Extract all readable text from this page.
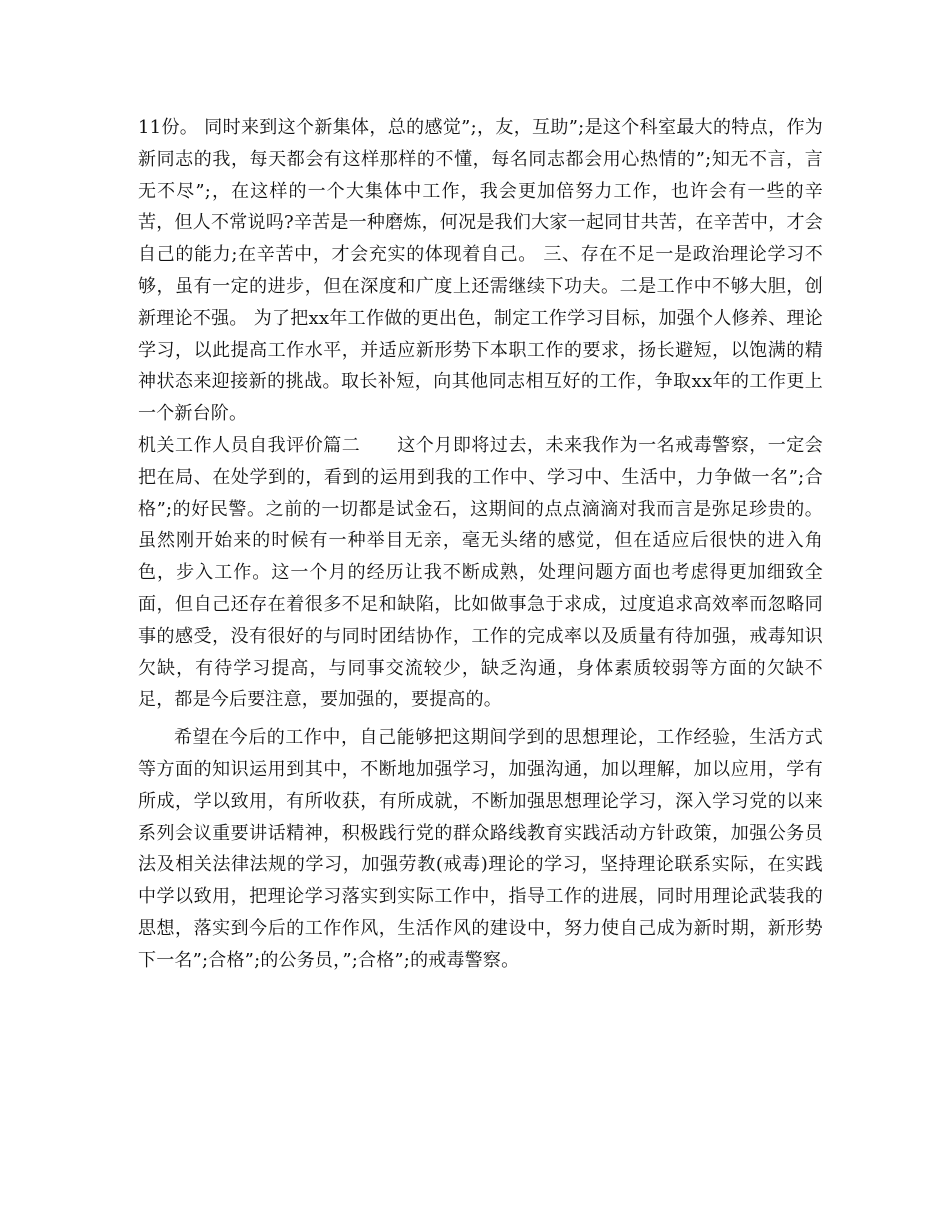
11份。 同时来到这个新集体，总的感觉”;，友，互助”;是这个科室最大的特点，作为新同志的我，每天都会有这样那样的不懂，每名同志都会用心热情的”;知无不言，言无不尽”;，在这样的一个大集体中工作，我会更加倍努力工作，也许会有一些的辛苦，但人不常说吗?辛苦是一种磨炼，何况是我们大家一起同甘共苦，在辛苦中，才会自己的能力;在辛苦中，才会充实的体现着自己。 三、存在不足一是政治理论学习不够，虽有一定的进步，但在深度和广度上还需继续下功夫。二是工作中不够大胆，创新理论不强。 为了把xx年工作做的更出色，制定工作学习目标，加强个人修养、理论学习，以此提高工作水平，并适应新形势下本职工作的要求，扬长避短，以饱满的精神状态来迎接新的挑战。取长补短，向其他同志相互好的工作，争取xx年的工作更上一个新台阶。

机关工作人员自我评价篇二　　这个月即将过去，未来我作为一名戒毒警察，一定会把在局、在处学到的，看到的运用到我的工作中、学习中、生活中，力争做一名”;合格”;的好民警。之前的一切都是试金石，这期间的点点滴滴对我而言是弥足珍贵的。虽然刚开始来的时候有一种举目无亲，毫无头绪的感觉，但在适应后很快的进入角色，步入工作。这一个月的经历让我不断成熟，处理问题方面也考虑得更加细致全面，但自己还存在着很多不足和缺陷，比如做事急于求成，过度追求高效率而忽略同事的感受，没有很好的与同时团结协作，工作的完成率以及质量有待加强，戒毒知识欠缺，有待学习提高，与同事交流较少，缺乏沟通，身体素质较弱等方面的欠缺不足，都是今后要注意，要加强的，要提高的。

希望在今后的工作中，自己能够把这期间学到的思想理论，工作经验，生活方式等方面的知识运用到其中，不断地加强学习，加强沟通，加以理解，加以应用，学有所成，学以致用，有所收获，有所成就，不断加强思想理论学习，深入学习党的以来系列会议重要讲话精神，积极践行党的群众路线教育实践活动方针政策，加强公务员法及相关法律法规的学习，加强劳教(戒毒)理论的学习，坚持理论联系实际，在实践中学以致用，把理论学习落实到实际工作中，指导工作的进展，同时用理论武装我的思想，落实到今后的工作作风，生活作风的建设中，努力使自己成为新时期，新形势下一名”;合格”;的公务员，”;合格”;的戒毒警察。
